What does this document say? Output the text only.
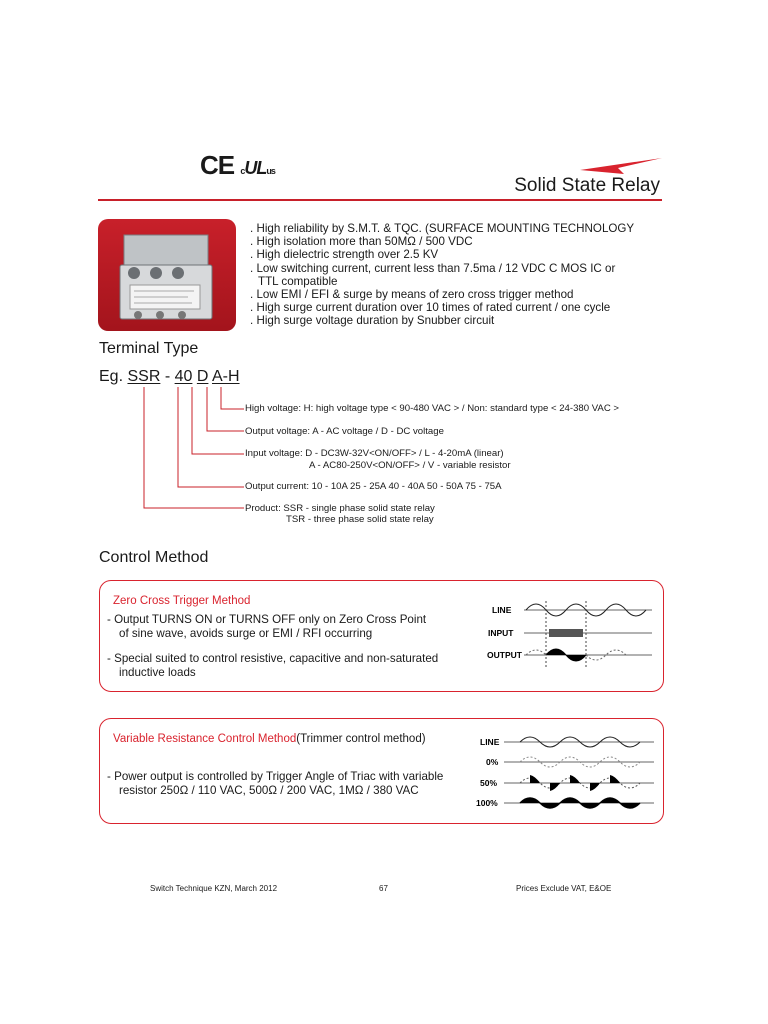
CE cULus
Solid State Relay
. High reliability by S.M.T. & TQC. (SURFACE MOUNTING TECHNOLOGY
. High isolation more than 50MΩ / 500 VDC
. High dielectric strength over 2.5 KV
. Low switching current, current less than 7.5ma / 12 VDC C MOS IC or
TTL compatible
. Low EMI / EFI & surge by means of zero cross trigger method
. High surge current duration over 10 times of rated current / one cycle
. High surge voltage duration by Snubber circuit
Terminal Type
Eg. SSR - 40 D A-H
High voltage: H: high voltage type < 90-480 VAC > / Non: standard type < 24-380 VAC >
Output voltage: A - AC voltage / D - DC voltage
Input voltage: D - DC3W-32V<ON/OFF> / L - 4-20mA (linear)
A - AC80-250V<ON/OFF> / V - variable resistor
Output current: 10 - 10A 25 - 25A 40 - 40A 50 - 50A 75 - 75A
Product: SSR - single phase solid state relay
TSR - three phase solid state relay
Control Method
Zero Cross Trigger Method
- Output TURNS ON or TURNS OFF only on Zero Cross Point
of sine wave, avoids surge or EMI / RFI occurring
- Special suited to control resistive, capacitive and non-saturated
inductive loads
LINE
INPUT
OUTPUT
Variable Resistance Control Method(Trimmer control method)
- Power output is controlled by Trigger Angle of Triac with variable
resistor 250Ω / 110 VAC, 500Ω / 200 VAC, 1MΩ / 380 VAC
LINE
0%
50%
100%
Switch Technique KZN, March 2012	67	Prices Exclude VAT, E&OE
